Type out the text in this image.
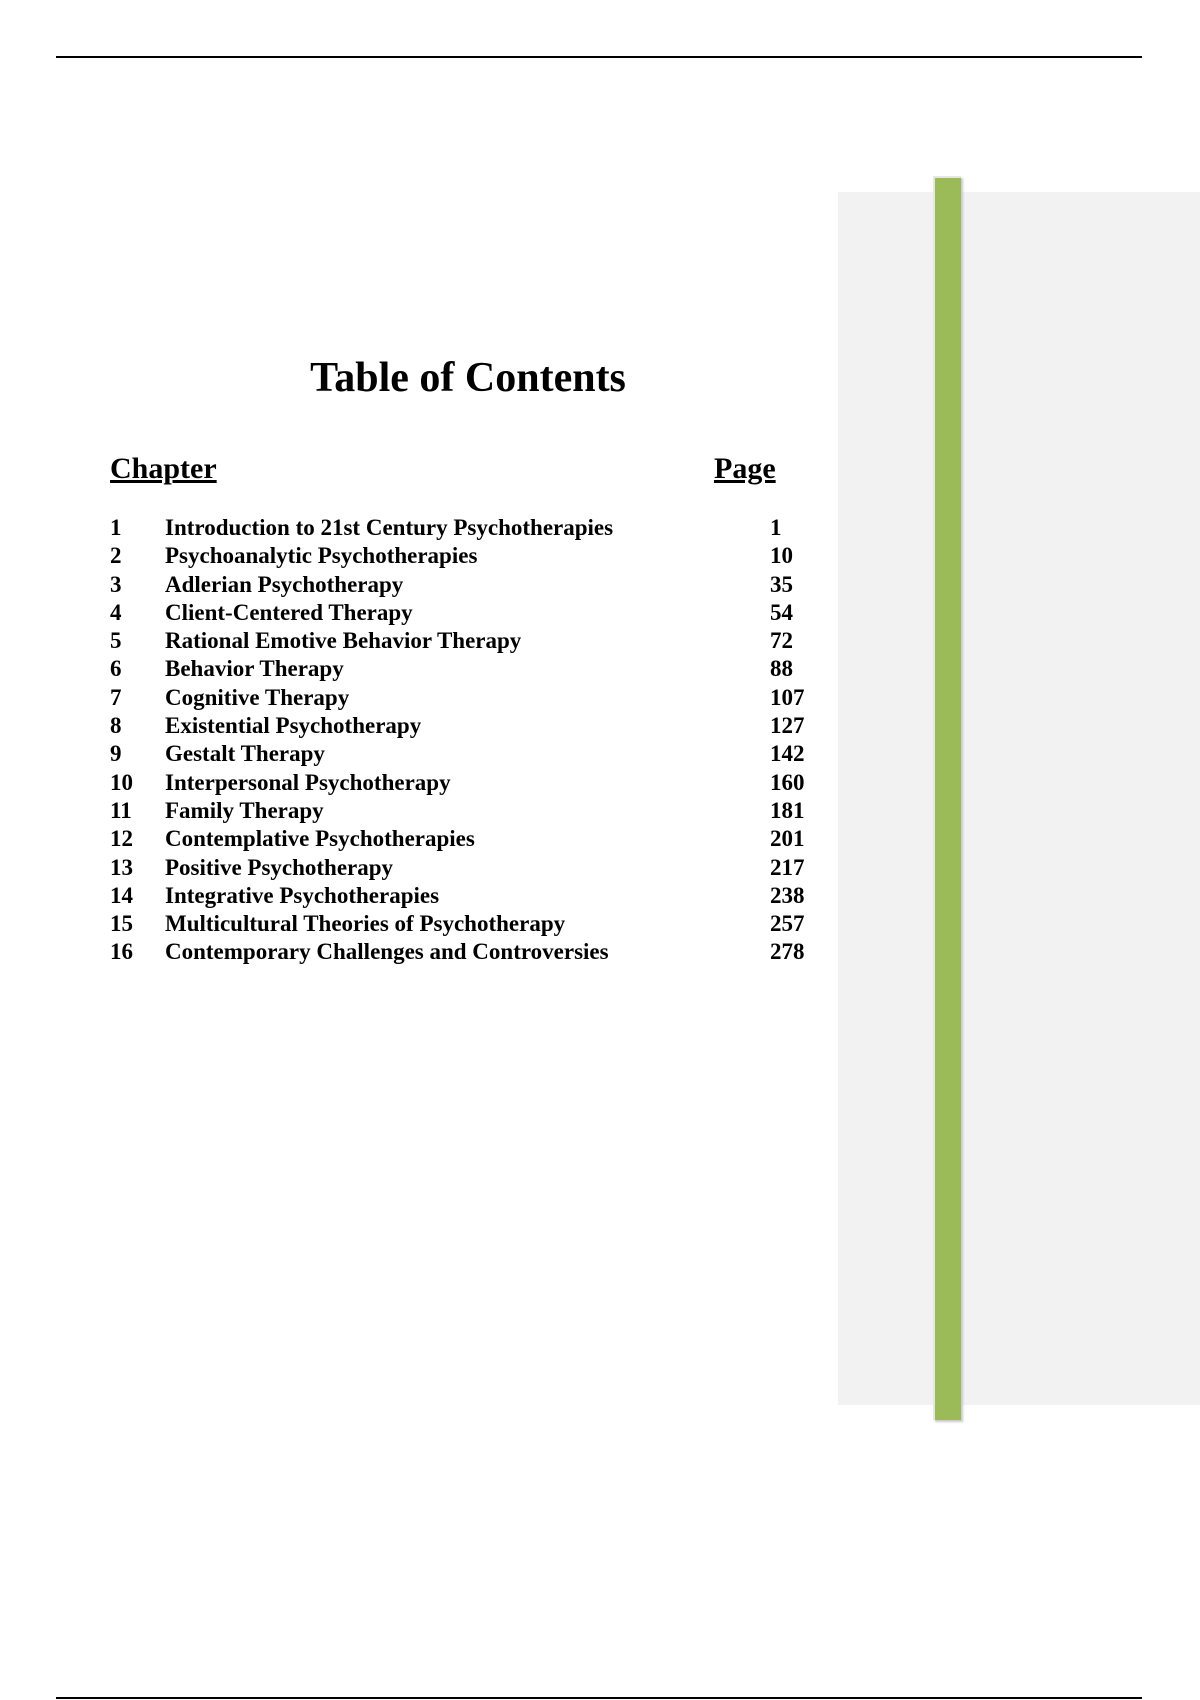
Table of Contents
Chapter	Page
1 Introduction to 21st Century Psychotherapies	1
2 Psychoanalytic Psychotherapies	10
3 Adlerian Psychotherapy	35
4 Client-Centered Therapy	54
5 Rational Emotive Behavior Therapy	72
6 Behavior Therapy	88
7 Cognitive Therapy	107
8 Existential Psychotherapy	127
9 Gestalt Therapy	142
10 Interpersonal Psychotherapy	160
11 Family Therapy	181
12 Contemplative Psychotherapies	201
13 Positive Psychotherapy	217
14 Integrative Psychotherapies	238
15 Multicultural Theories of Psychotherapy	257
16 Contemporary Challenges and Controversies	278
